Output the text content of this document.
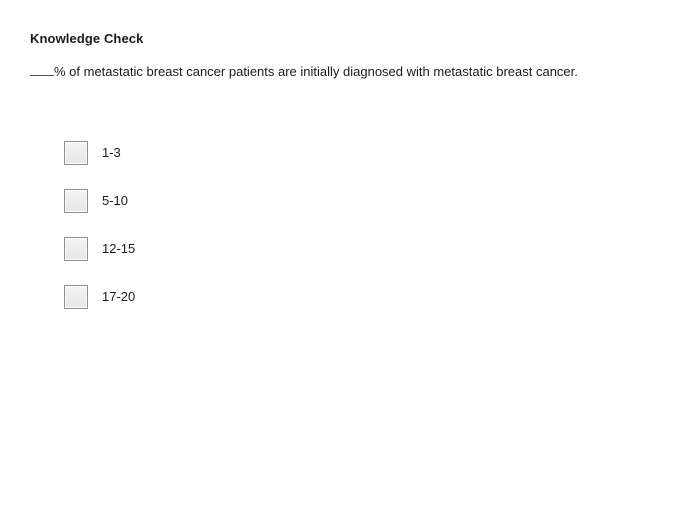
Knowledge Check
% of metastatic breast cancer patients are initially diagnosed with metastatic breast cancer.
1-3
5-10
12-15
17-20
